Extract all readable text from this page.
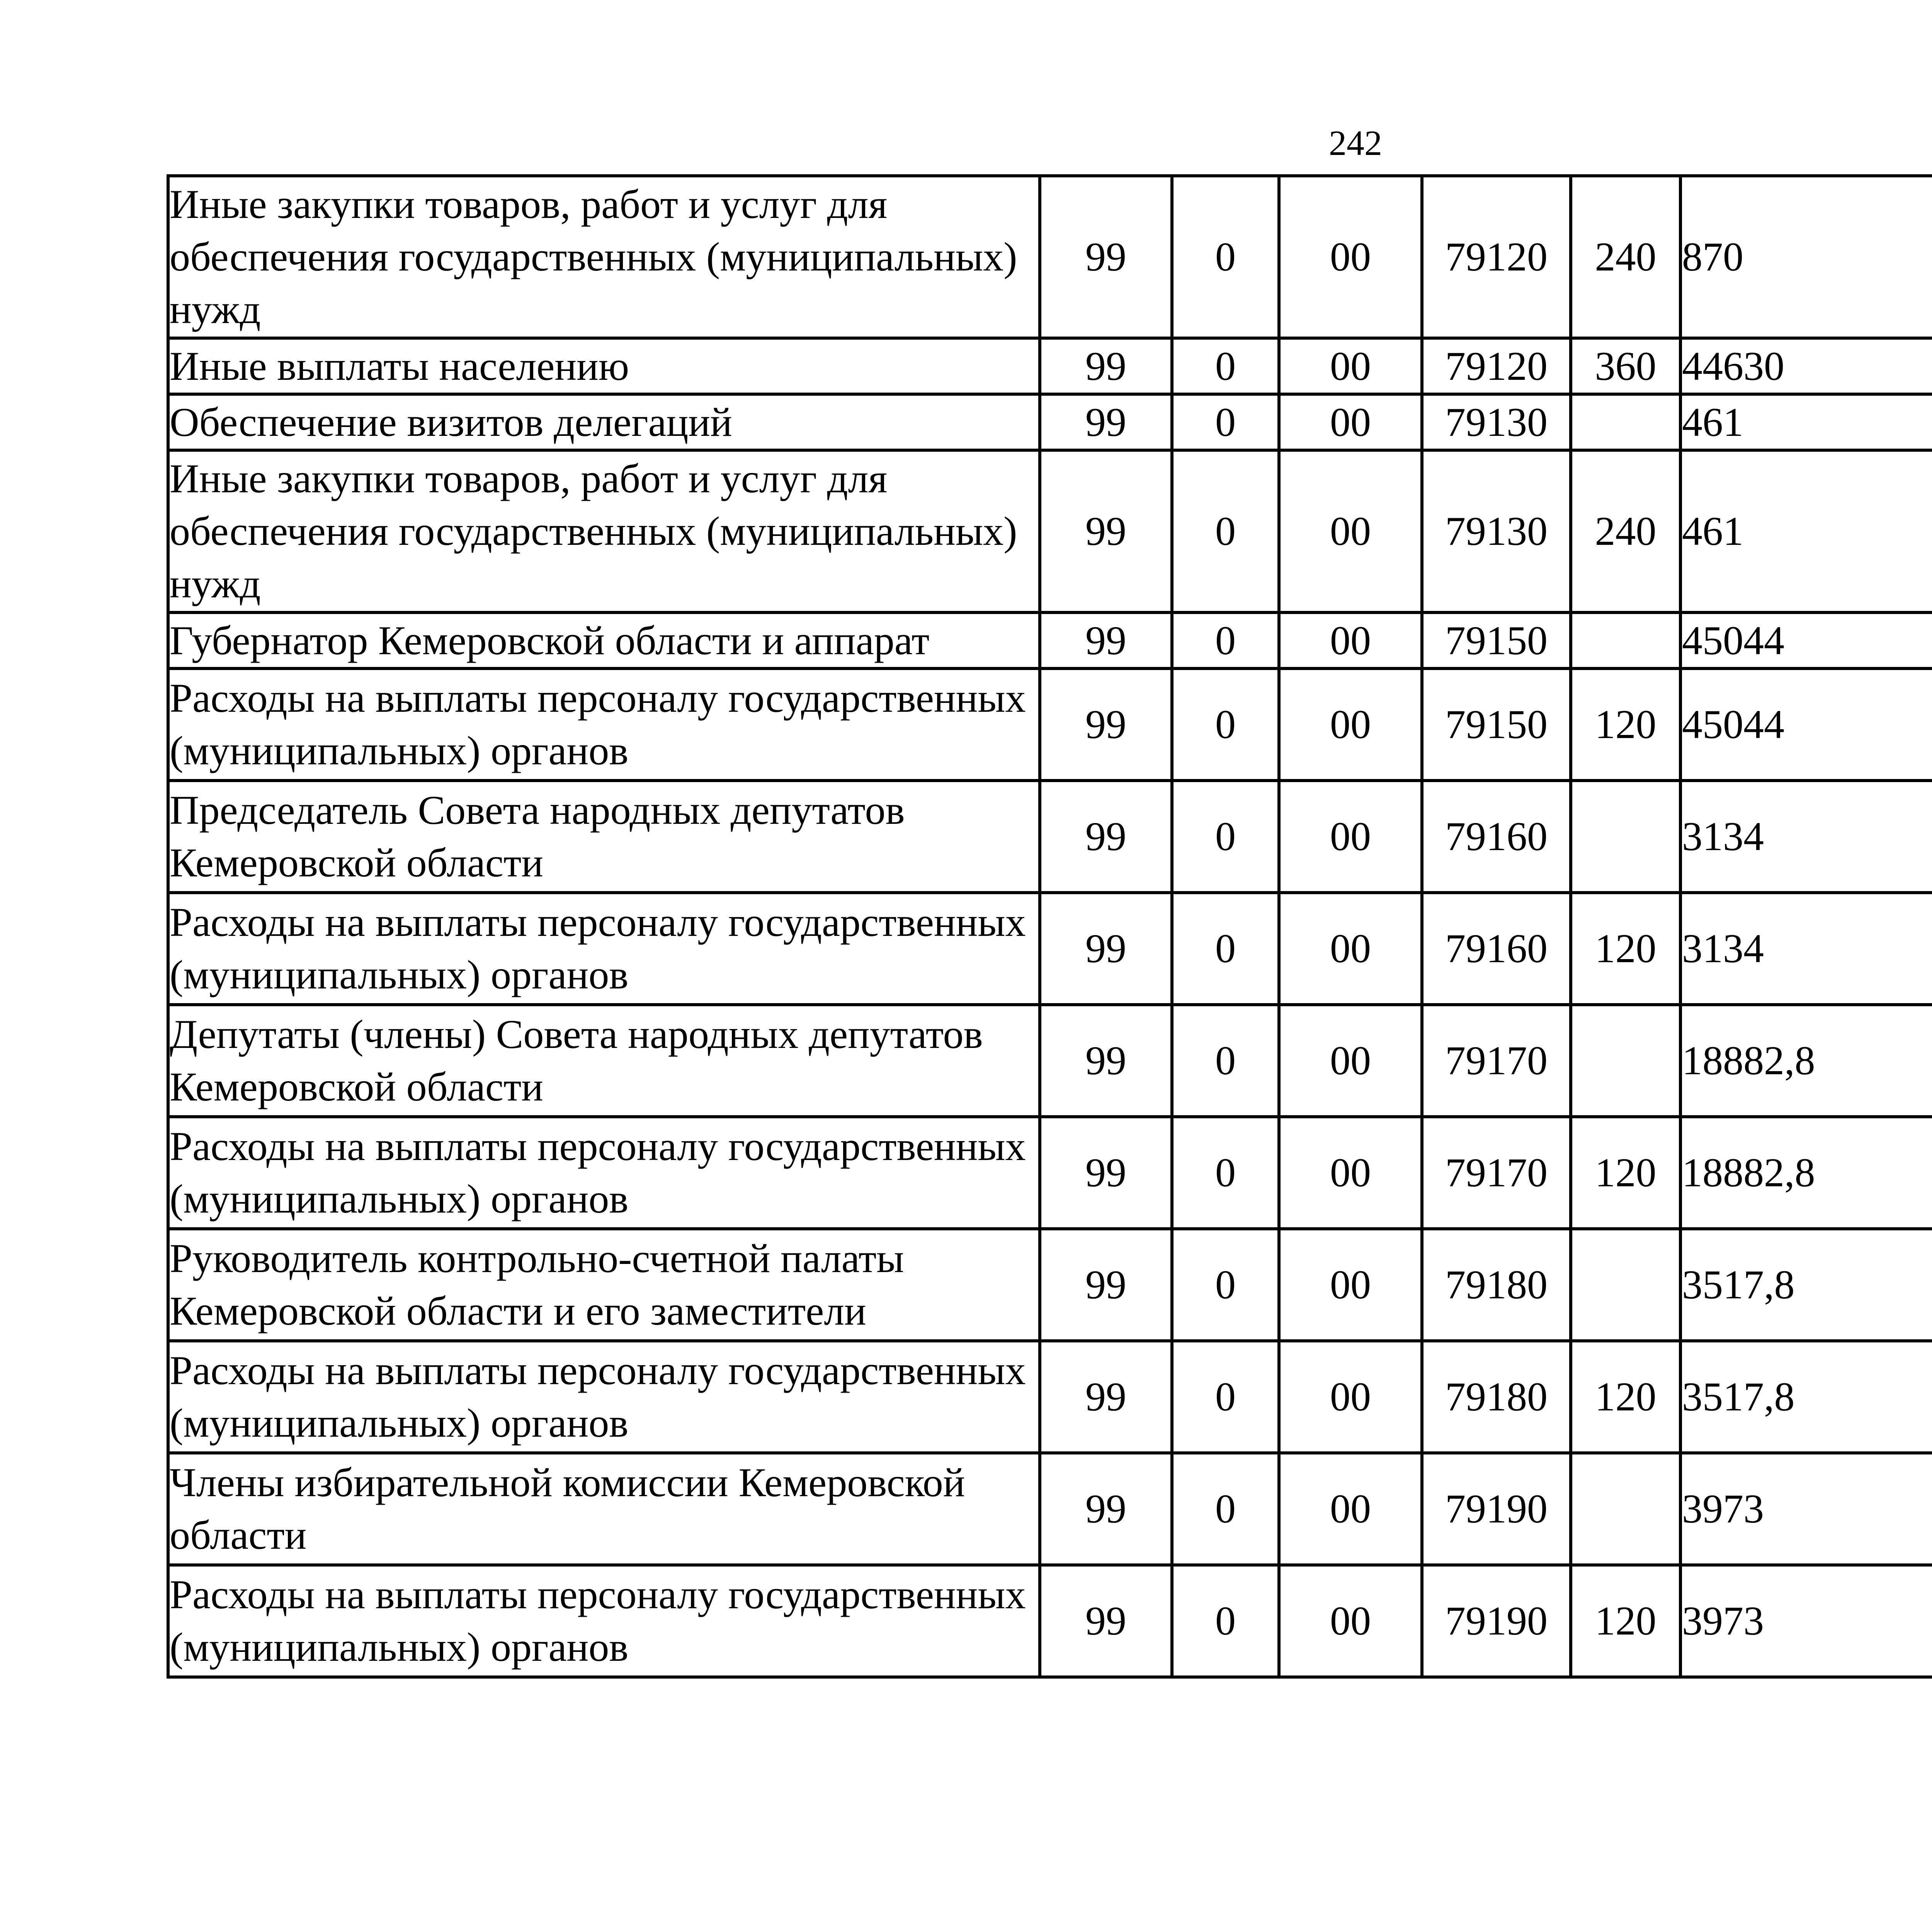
242
Иные закупки товаров, работ и услуг для обеспечения государственных (муниципальных) нужд	99	0	00	79120	240	870		
Иные выплаты населению	99	0	00	79120	360	44630		
Обеспечение визитов делегаций	99	0	00	79130		461		
Иные закупки товаров, работ и услуг для обеспечения государственных (муниципальных) нужд	99	0	00	79130	240	461		
Губернатор Кемеровской области и аппарат	99	0	00	79150		45044		
Расходы на выплаты персоналу государственных (муниципальных) органов	99	0	00	79150	120	45044		
Председатель Совета народных депутатов Кемеровской области	99	0	00	79160		3134		
Расходы на выплаты персоналу государственных (муниципальных) органов	99	0	00	79160	120	3134		
Депутаты (члены) Совета народных депутатов Кемеровской области	99	0	00	79170		18882,8		
Расходы на выплаты персоналу государственных (муниципальных) органов	99	0	00	79170	120	18882,8		
Руководитель контрольно-счетной палаты Кемеровской области и его заместители	99	0	00	79180		3517,8		
Расходы на выплаты персоналу государственных (муниципальных) органов	99	0	00	79180	120	3517,8		
Члены избирательной комиссии Кемеровской области	99	0	00	79190		3973		
Расходы на выплаты персоналу государственных (муниципальных) органов	99	0	00	79190	120	3973		
